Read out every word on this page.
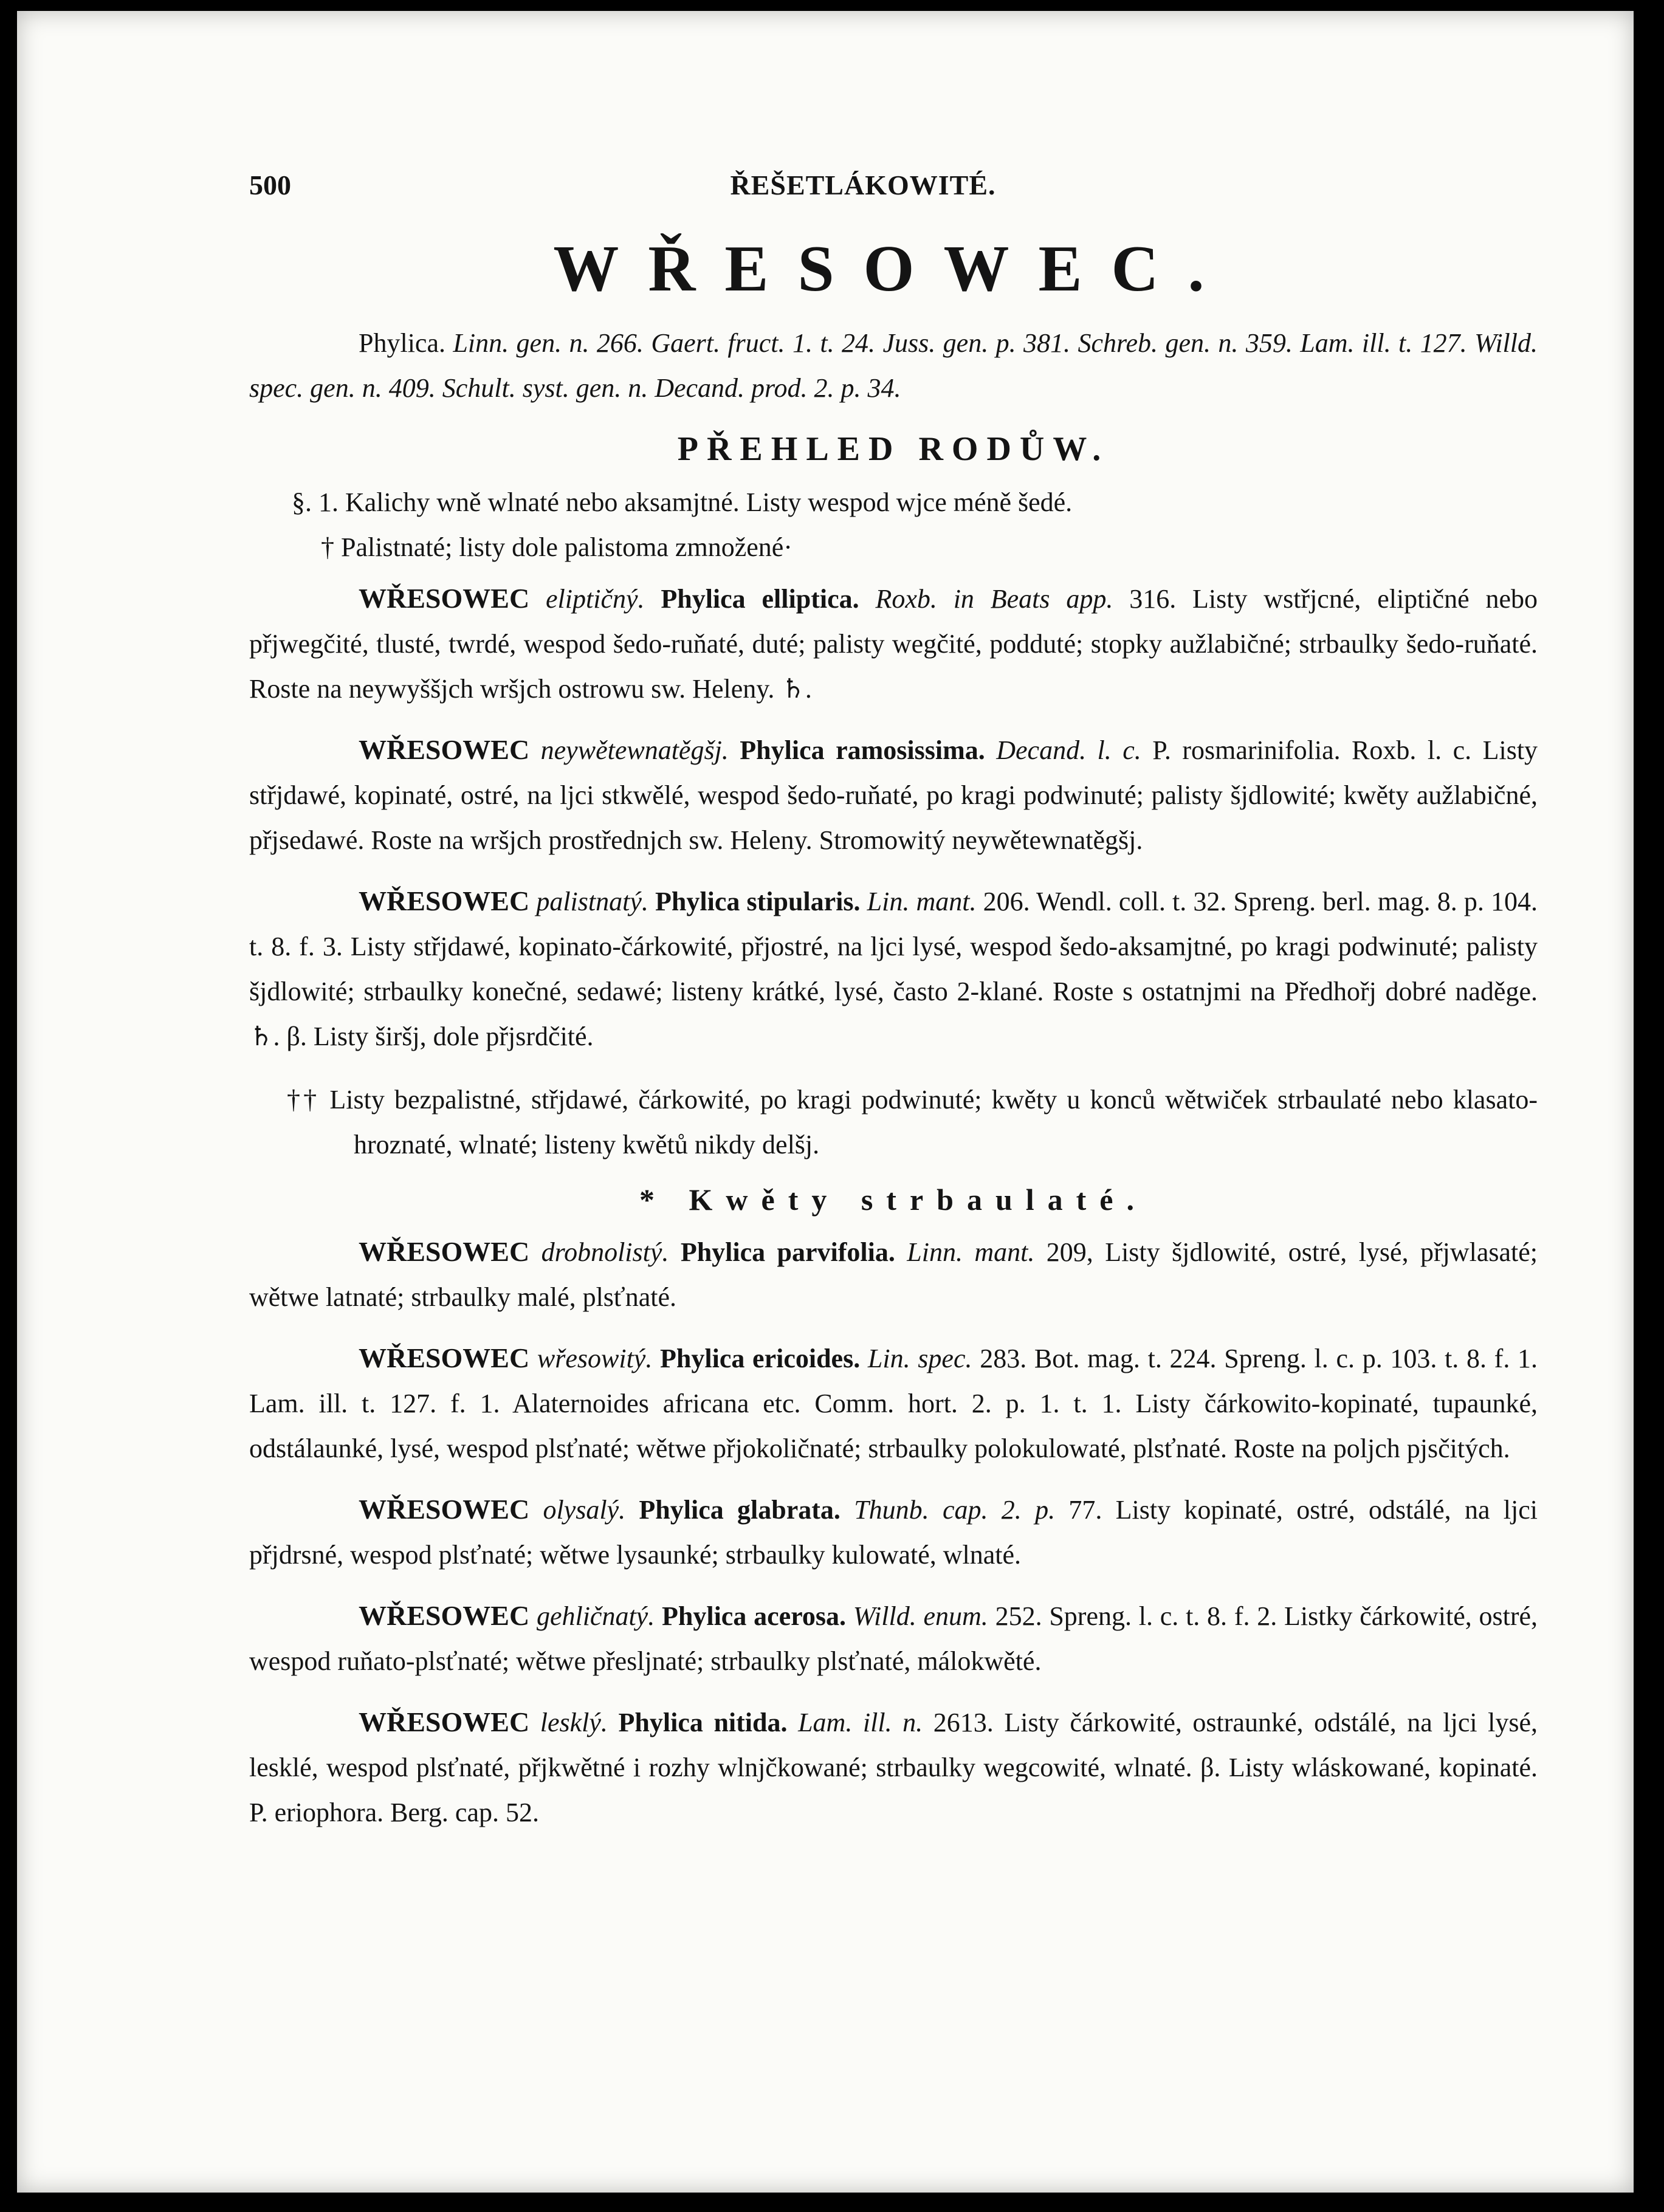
500	ŘEŠETLÁKOWITÉ.
WŘESOWEC.

Phylica. Linn. gen. n. 266. Gaert. fruct. 1. t. 24. Juss. gen. p. 381. Schreb. gen. n. 359. Lam. ill. t. 127. Willd. spec. gen. n. 409. Schult. syst. gen. n. Decand. prod. 2. p. 34.

PŘEHLED RODŮW.

§. 1. Kalichy wně wlnaté nebo aksamjtné. Listy wespod wjce méně šedé.

† Palistnaté; listy dole palistoma zmnožené·

WŘESOWEC eliptičný. Phylica elliptica. Roxb. in Beats app. 316. Listy wstřjcné, eliptičné nebo přjwegčité, tlusté, twrdé, wespod šedo-ruňaté, duté; palisty wegčité, podduté; stopky aužlabičné; strbaulky šedo-ruňaté. Roste na neywyššjch wršjch ostrowu sw. Heleny. ♄.

WŘESOWEC neywětewnatěgšj. Phylica ramosissima. Decand. l. c. P. rosmarinifolia. Roxb. l. c. Listy střjdawé, kopinaté, ostré, na ljci stkwělé, wespod šedo-ruňaté, po kragi podwinuté; palisty šjdlowité; kwěty aužlabičné, přjsedawé. Roste na wršjch prostřednjch sw. Heleny. Stromowitý neywětewnatěgšj.

WŘESOWEC palistnatý. Phylica stipularis. Lin. mant. 206. Wendl. coll. t. 32. Spreng. berl. mag. 8. p. 104. t. 8. f. 3. Listy střjdawé, kopinato-čárkowité, přjostré, na ljci lysé, wespod šedo-aksamjtné, po kragi podwinuté; palisty šjdlowité; strbaulky konečné, sedawé; listeny krátké, lysé, často 2-klané. Roste s ostatnjmi na Předhořj dobré naděge. ♄. β. Listy širšj, dole přjsrdčité.

†† Listy bezpalistné, střjdawé, čárkowité, po kragi podwinuté; kwěty u konců wětwiček strbaulaté nebo klasato-hroznaté, wlnaté; listeny kwětů nikdy delšj.

* Kwěty strbaulaté.

WŘESOWEC drobnolistý. Phylica parvifolia. Linn. mant. 209, Listy šjdlowité, ostré, lysé, přjwlasaté; wětwe latnaté; strbaulky malé, plsťnaté.

WŘESOWEC wřesowitý. Phylica ericoides. Lin. spec. 283. Bot. mag. t. 224. Spreng. l. c. p. 103. t. 8. f. 1. Lam. ill. t. 127. f. 1. Alaternoides africana etc. Comm. hort. 2. p. 1. t. 1. Listy čárkowito-kopinaté, tupaunké, odstálaunké, lysé, wespod plsťnaté; wětwe přjokoličnaté; strbaulky polokulowaté, plsťnaté. Roste na poljch pjsčitých.

WŘESOWEC olysalý. Phylica glabrata. Thunb. cap. 2. p. 77. Listy kopinaté, ostré, odstálé, na ljci přjdrsné, wespod plsťnaté; wětwe lysaunké; strbaulky kulowaté, wlnaté.

WŘESOWEC gehličnatý. Phylica acerosa. Willd. enum. 252. Spreng. l. c. t. 8. f. 2. Listky čárkowité, ostré, wespod ruňato-plsťnaté; wětwe přesljnaté; strbaulky plsťnaté, málokwěté.

WŘESOWEC lesklý. Phylica nitida. Lam. ill. n. 2613. Listy čárkowité, ostraunké, odstálé, na ljci lysé, lesklé, wespod plsťnaté, přjkwětné i rozhy wlnjčkowané; strbaulky wegcowité, wlnaté. β. Listy wláskowané, kopinaté. P. eriophora. Berg. cap. 52.
